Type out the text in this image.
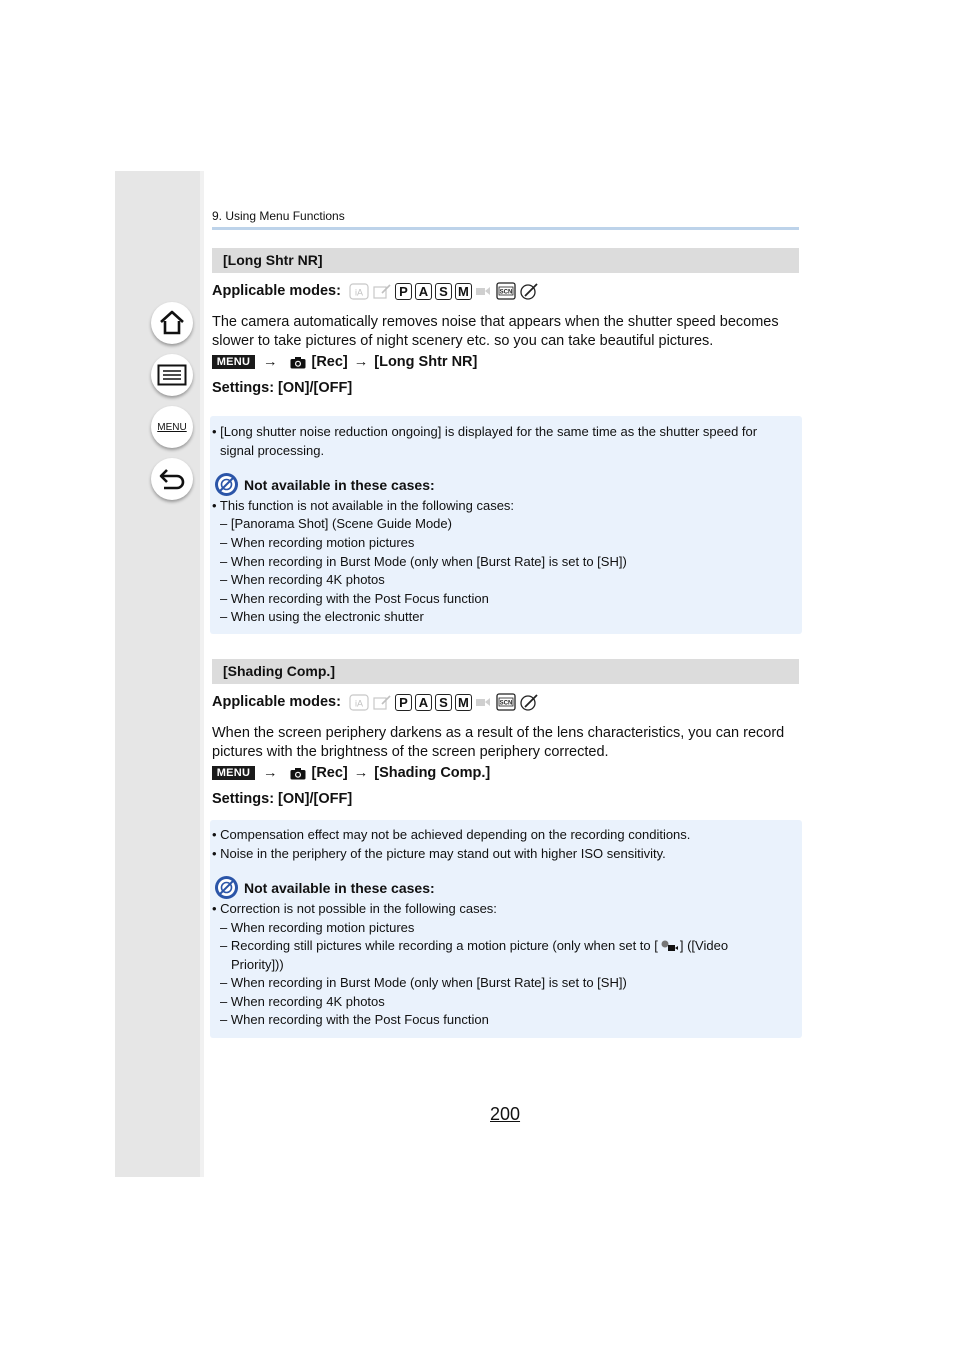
MENU
9. Using Menu Functions
[Long Shtr NR]
Applicable modes: iA	P A S M	SCN
The camera automatically removes noise that appears when the shutter speed becomes
slower to take pictures of night scenery etc. so you can take beautiful pictures.
MENU → [Rec] → [Long Shtr NR]
Settings: [ON]/[OFF]
• [Long shutter noise reduction ongoing] is displayed for the same time as the shutter speed for
signal processing.
Not available in these cases:
• This function is not available in the following cases:
– [Panorama Shot] (Scene Guide Mode)
– When recording motion pictures
– When recording in Burst Mode (only when [Burst Rate] is set to [SH])
– When recording 4K photos
– When recording with the Post Focus function
– When using the electronic shutter
[Shading Comp.]
Applicable modes: iA	P A S M	SCN
When the screen periphery darkens as a result of the lens characteristics, you can record
pictures with the brightness of the screen periphery corrected.
MENU → [Rec] → [Shading Comp.]
Settings: [ON]/[OFF]
• Compensation effect may not be achieved depending on the recording conditions.
• Noise in the periphery of the picture may stand out with higher ISO sensitivity.
Not available in these cases:
• Correction is not possible in the following cases:
– When recording motion pictures
– Recording still pictures while recording a motion picture (only when set to [ ] ([Video
Priority]))
– When recording in Burst Mode (only when [Burst Rate] is set to [SH])
– When recording 4K photos
– When recording with the Post Focus function
200
